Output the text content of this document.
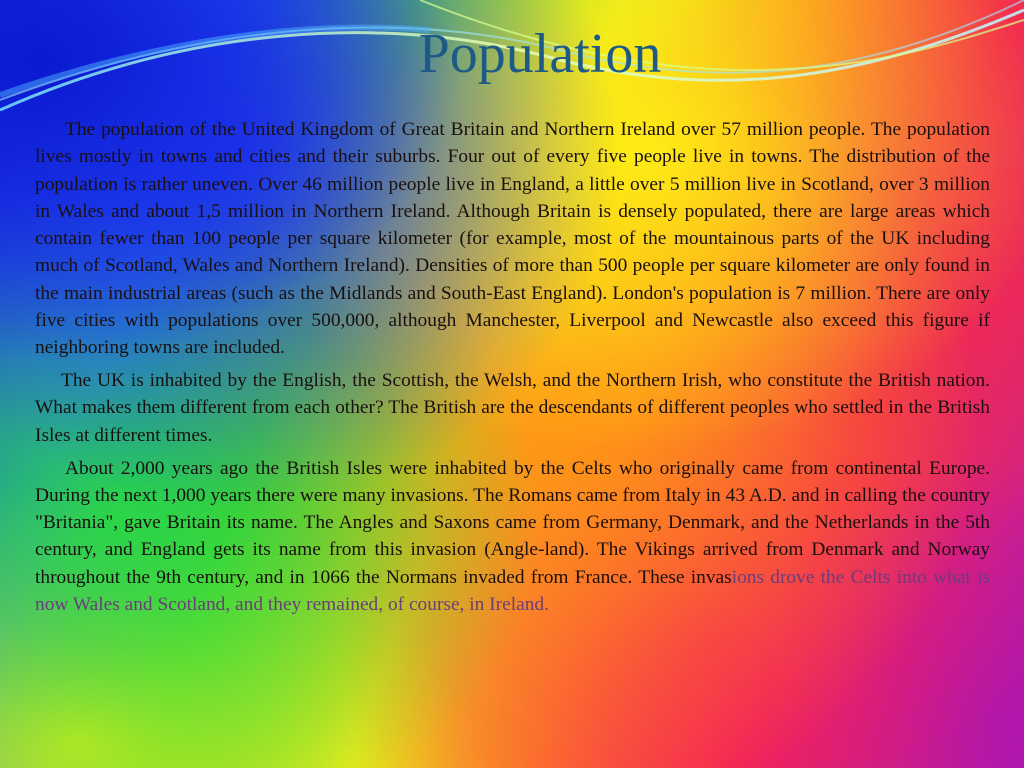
Population

The population of the United Kingdom of Great Britain and Northern Ireland over 57 million people. The population lives mostly in towns and cities and their suburbs. Four out of every five people live in towns. The distribution of the population is rather uneven. Over 46 million people live in England, a little over 5 million live in Scotland, over 3 million in Wales and about 1,5 million in Northern Ireland. Although Britain is densely populated, there are large areas which contain fewer than 100 people per square kilometer (for example, most of the mountainous parts of the UK including much of Scotland, Wales and Northern Ireland). Densities of more than 500 people per square kilometer are only found in the main industrial areas (such as the Midlands and South-East England). London's population is 7 million. There are only five cities with populations over 500,000, although Manchester, Liverpool and Newcastle also exceed this figure if neighboring towns are included.

The UK is inhabited by the English, the Scottish, the Welsh, and the Northern Irish, who constitute the British nation. What makes them different from each other? The British are the descendants of different peoples who settled in the British Isles at different times.

About 2,000 years ago the British Isles were inhabited by the Celts who originally came from continental Europe. During the next 1,000 years there were many invasions. The Romans came from Italy in 43 A.D. and in calling the country "Britania", gave Britain its name. The Angles and Saxons came from Germany, Denmark, and the Netherlands in the 5th century, and England gets its name from this invasion (Angle-land). The Vikings arrived from Denmark and Norway throughout the 9th century, and in 1066 the Normans invaded from France. These invasions drove the Celts into what is now Wales and Scotland, and they remained, of course, in Ireland.
